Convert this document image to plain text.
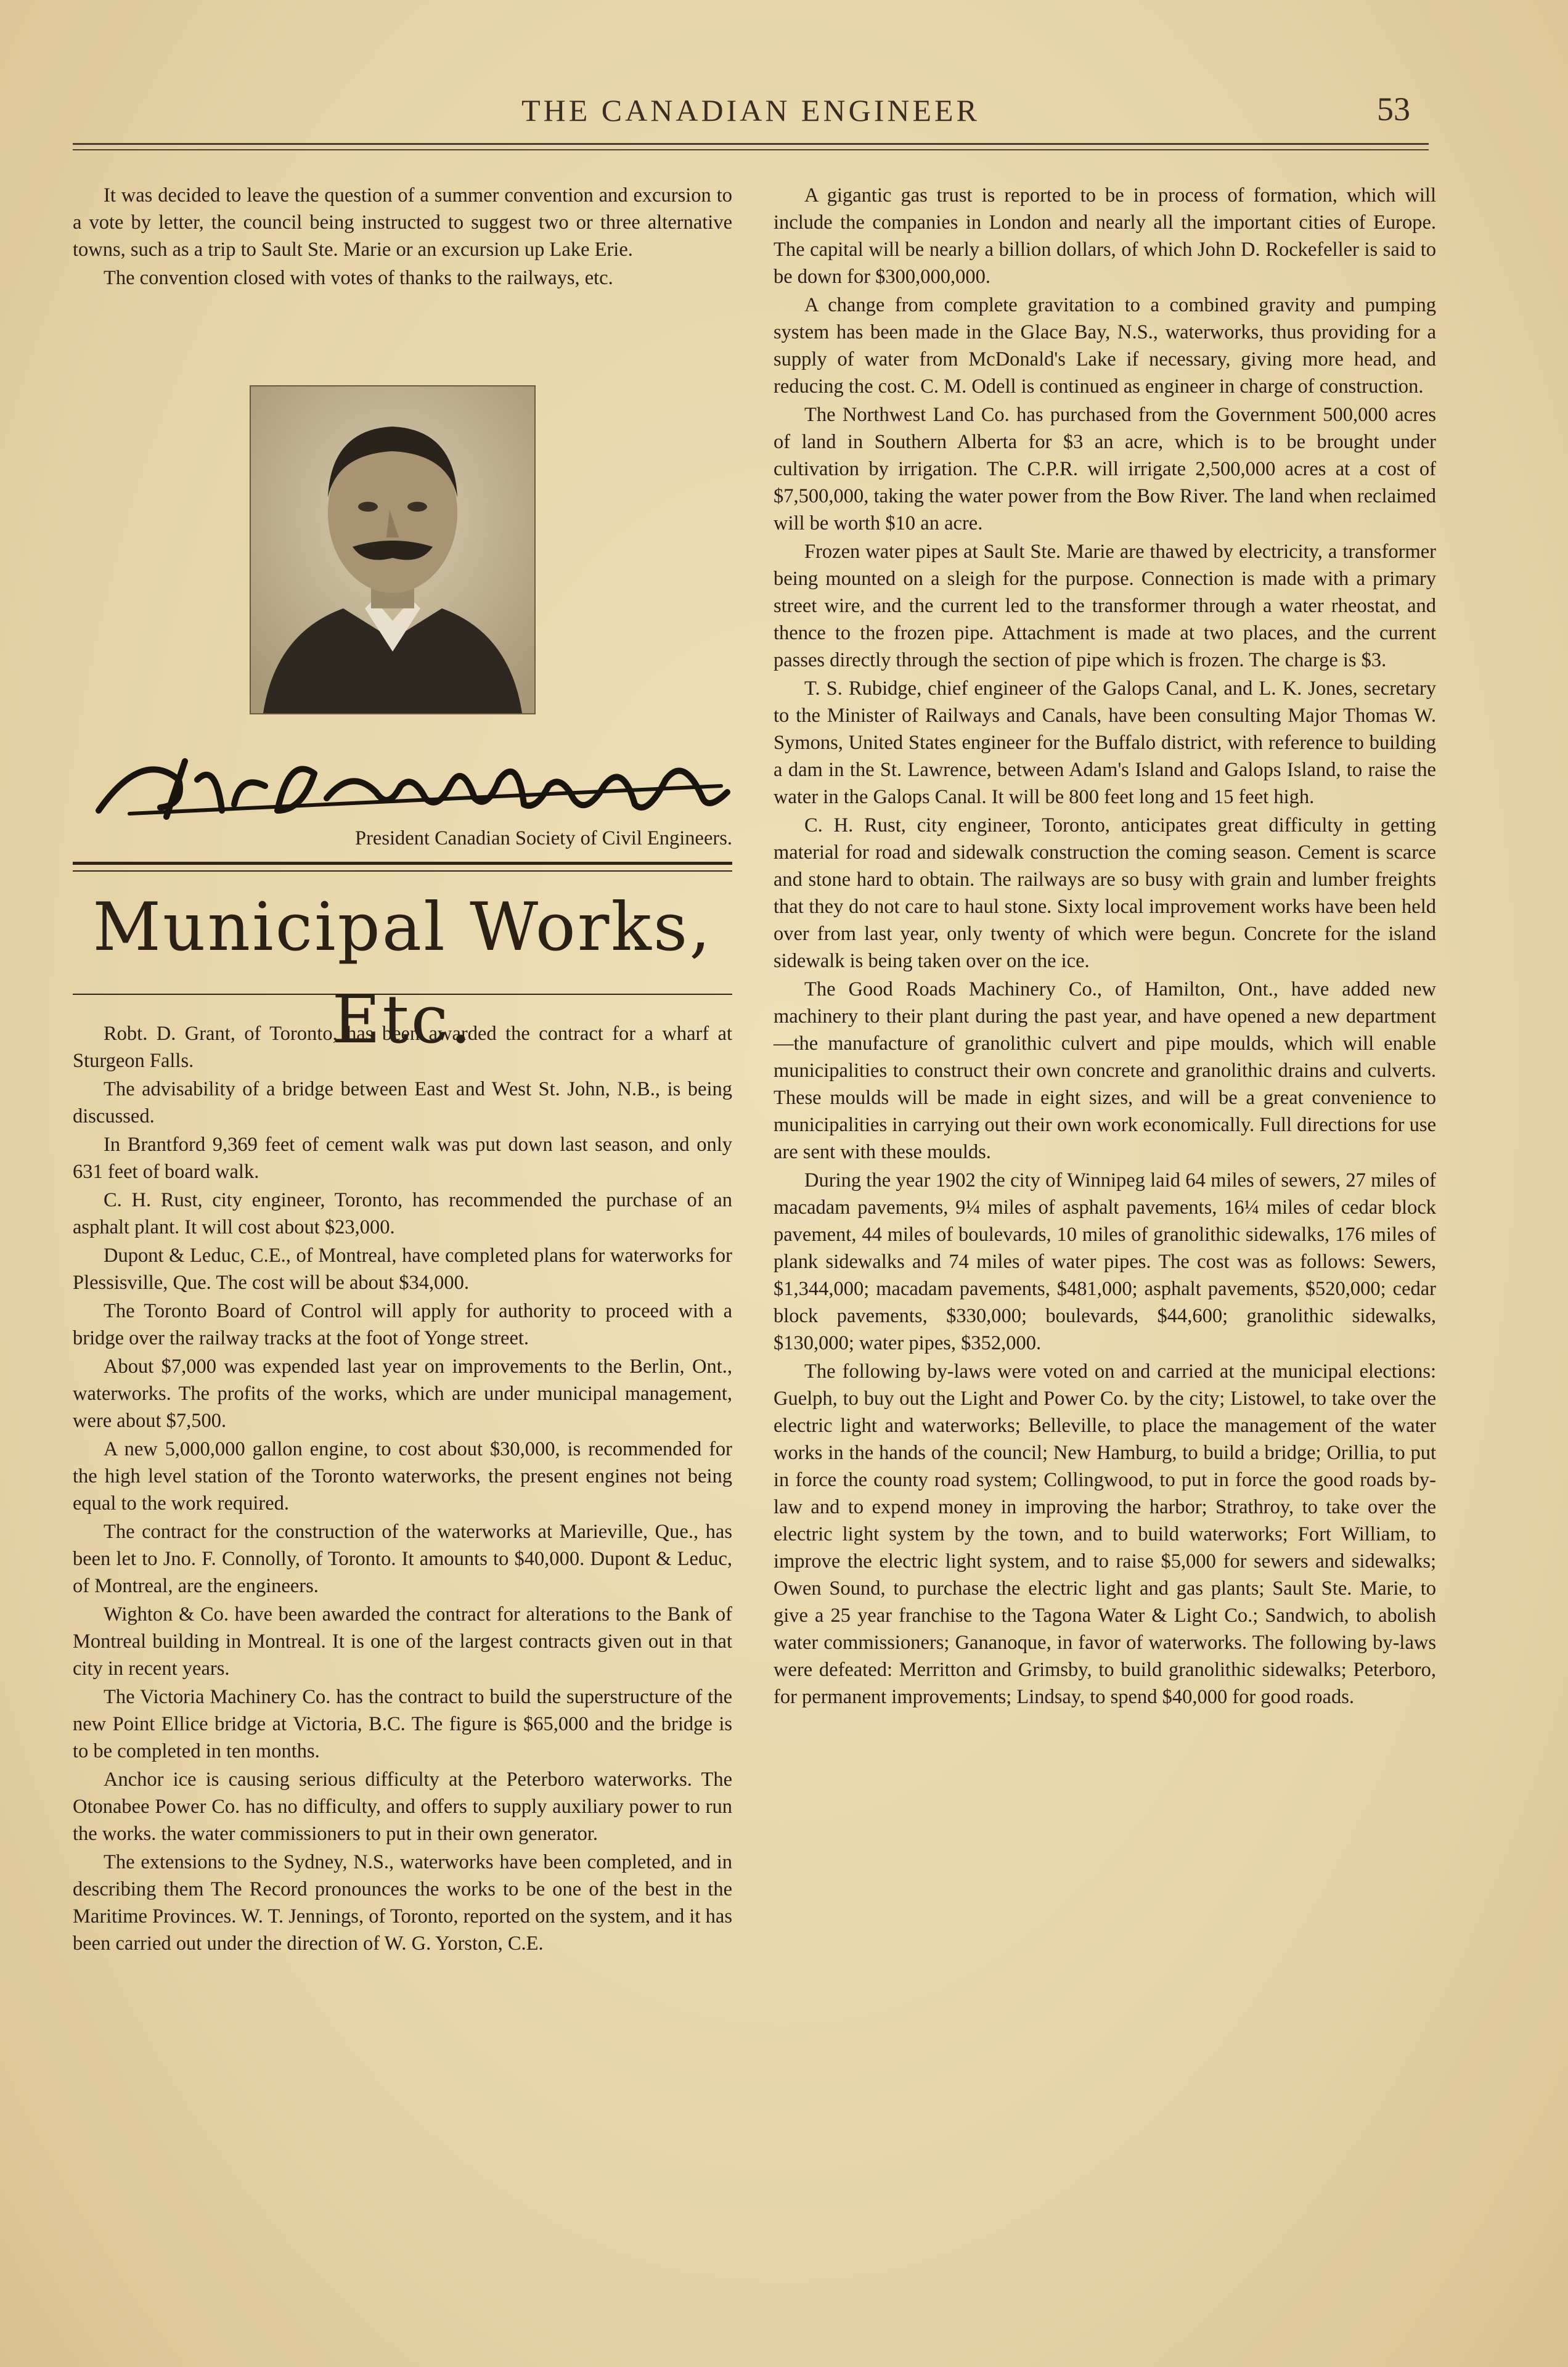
THE CANADIAN ENGINEER	53

It was decided to leave the question of a summer convention and excursion to a vote by letter, the council being instructed to suggest two or three alternative towns, such as a trip to Sault Ste. Marie or an excursion up Lake Erie.

The convention closed with votes of thanks to the railways, etc.

President Canadian Society of Civil Engineers.
Municipal Works, Etc.

Robt. D. Grant, of Toronto, has been awarded the contract for a wharf at Sturgeon Falls.

The advisability of a bridge between East and West St. John, N.B., is being discussed.

In Brantford 9,369 feet of cement walk was put down last season, and only 631 feet of board walk.

C. H. Rust, city engineer, Toronto, has recommended the purchase of an asphalt plant. It will cost about $23,000.

Dupont & Leduc, C.E., of Montreal, have completed plans for waterworks for Plessisville, Que. The cost will be about $34,000.

The Toronto Board of Control will apply for authority to proceed with a bridge over the railway tracks at the foot of Yonge street.

About $7,000 was expended last year on improvements to the Berlin, Ont., waterworks. The profits of the works, which are under municipal management, were about $7,500.

A new 5,000,000 gallon engine, to cost about $30,000, is recommended for the high level station of the Toronto waterworks, the present engines not being equal to the work required.

The contract for the construction of the waterworks at Marieville, Que., has been let to Jno. F. Connolly, of Toronto. It amounts to $40,000. Dupont & Leduc, of Montreal, are the engineers.

Wighton & Co. have been awarded the contract for alterations to the Bank of Montreal building in Montreal. It is one of the largest contracts given out in that city in recent years.

The Victoria Machinery Co. has the contract to build the superstructure of the new Point Ellice bridge at Victoria, B.C. The figure is $65,000 and the bridge is to be completed in ten months.

Anchor ice is causing serious difficulty at the Peterboro waterworks. The Otonabee Power Co. has no difficulty, and offers to supply auxiliary power to run the works. the water commissioners to put in their own generator.

The extensions to the Sydney, N.S., waterworks have been completed, and in describing them The Record pronounces the works to be one of the best in the Maritime Provinces. W. T. Jennings, of Toronto, reported on the system, and it has been carried out under the direction of W. G. Yorston, C.E.

A gigantic gas trust is reported to be in process of formation, which will include the companies in London and nearly all the important cities of Europe. The capital will be nearly a billion dollars, of which John D. Rockefeller is said to be down for $300,000,000.

A change from complete gravitation to a combined gravity and pumping system has been made in the Glace Bay, N.S., waterworks, thus providing for a supply of water from McDonald's Lake if necessary, giving more head, and reducing the cost. C. M. Odell is continued as engineer in charge of construction.

The Northwest Land Co. has purchased from the Government 500,000 acres of land in Southern Alberta for $3 an acre, which is to be brought under cultivation by irrigation. The C.P.R. will irrigate 2,500,000 acres at a cost of $7,500,000, taking the water power from the Bow River. The land when reclaimed will be worth $10 an acre.

Frozen water pipes at Sault Ste. Marie are thawed by electricity, a transformer being mounted on a sleigh for the purpose. Connection is made with a primary street wire, and the current led to the transformer through a water rheostat, and thence to the frozen pipe. Attachment is made at two places, and the current passes directly through the section of pipe which is frozen. The charge is $3.

T. S. Rubidge, chief engineer of the Galops Canal, and L. K. Jones, secretary to the Minister of Railways and Canals, have been consulting Major Thomas W. Symons, United States engineer for the Buffalo district, with reference to building a dam in the St. Lawrence, between Adam's Island and Galops Island, to raise the water in the Galops Canal. It will be 800 feet long and 15 feet high.

C. H. Rust, city engineer, Toronto, anticipates great difficulty in getting material for road and sidewalk construction the coming season. Cement is scarce and stone hard to obtain. The railways are so busy with grain and lumber freights that they do not care to haul stone. Sixty local improvement works have been held over from last year, only twenty of which were begun. Concrete for the island sidewalk is being taken over on the ice.

The Good Roads Machinery Co., of Hamilton, Ont., have added new machinery to their plant during the past year, and have opened a new department—the manufacture of granolithic culvert and pipe moulds, which will enable municipalities to construct their own concrete and granolithic drains and culverts. These moulds will be made in eight sizes, and will be a great convenience to municipalities in carrying out their own work economically. Full directions for use are sent with these moulds.

During the year 1902 the city of Winnipeg laid 64 miles of sewers, 27 miles of macadam pavements, 9¼ miles of asphalt pavements, 16¼ miles of cedar block pavement, 44 miles of boulevards, 10 miles of granolithic sidewalks, 176 miles of plank sidewalks and 74 miles of water pipes. The cost was as follows: Sewers, $1,344,000; macadam pavements, $481,000; asphalt pavements, $520,000; cedar block pavements, $330,000; boulevards, $44,600; granolithic sidewalks, $130,000; water pipes, $352,000.

The following by-laws were voted on and carried at the municipal elections: Guelph, to buy out the Light and Power Co. by the city; Listowel, to take over the electric light and waterworks; Belleville, to place the management of the water works in the hands of the council; New Hamburg, to build a bridge; Orillia, to put in force the county road system; Collingwood, to put in force the good roads by-law and to expend money in improving the harbor; Strathroy, to take over the electric light system by the town, and to build waterworks; Fort William, to improve the electric light system, and to raise $5,000 for sewers and sidewalks; Owen Sound, to purchase the electric light and gas plants; Sault Ste. Marie, to give a 25 year franchise to the Tagona Water & Light Co.; Sandwich, to abolish water commissioners; Gananoque, in favor of waterworks. The following by-laws were defeated: Merritton and Grimsby, to build granolithic sidewalks; Peterboro, for permanent improvements; Lindsay, to spend $40,000 for good roads.
